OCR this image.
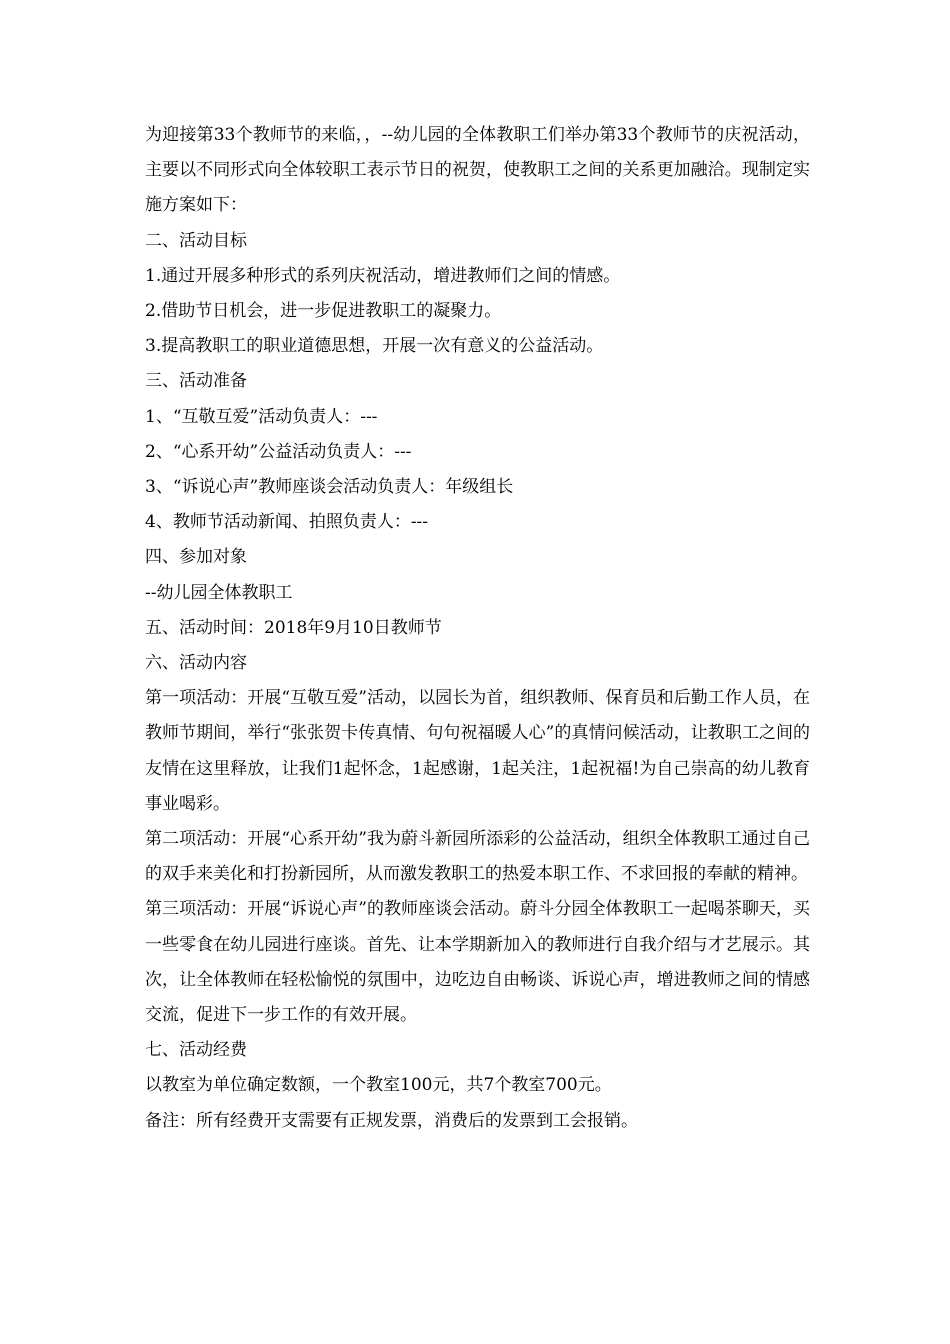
为迎接第33个教师节的来临，，--幼儿园的全体教职工们举办第33个教师节的庆祝活动，主要以不同形式向全体较职工表示节日的祝贺，使教职工之间的关系更加融洽。现制定实施方案如下：

二、活动目标

1.通过开展多种形式的系列庆祝活动，增进教师们之间的情感。

2.借助节日机会，进一步促进教职工的凝聚力。

3.提高教职工的职业道德思想，开展一次有意义的公益活动。

三、活动准备

1、“互敬互爱”活动负责人：---

2、“心系开幼”公益活动负责人：---

3、“诉说心声”教师座谈会活动负责人：年级组长

4、教师节活动新闻、拍照负责人：---

四、参加对象

--幼儿园全体教职工

五、活动时间：2018年9月10日教师节

六、活动内容

第一项活动：开展“互敬互爱”活动，以园长为首，组织教师、保育员和后勤工作人员，在教师节期间，举行“张张贺卡传真情、句句祝福暖人心”的真情问候活动，让教职工之间的友情在这里释放，让我们1起怀念，1起感谢，1起关注，1起祝福!为自己崇高的幼儿教育事业喝彩。

第二项活动：开展“心系开幼”我为蔚斗新园所添彩的公益活动，组织全体教职工通过自己的双手来美化和打扮新园所，从而激发教职工的热爱本职工作、不求回报的奉献的精神。

第三项活动：开展“诉说心声”的教师座谈会活动。蔚斗分园全体教职工一起喝茶聊天，买一些零食在幼儿园进行座谈。首先、让本学期新加入的教师进行自我介绍与才艺展示。其次，让全体教师在轻松愉悦的氛围中，边吃边自由畅谈、诉说心声，增进教师之间的情感交流，促进下一步工作的有效开展。

七、活动经费

以教室为单位确定数额，一个教室100元，共7个教室700元。

备注：所有经费开支需要有正规发票，消费后的发票到工会报销。
